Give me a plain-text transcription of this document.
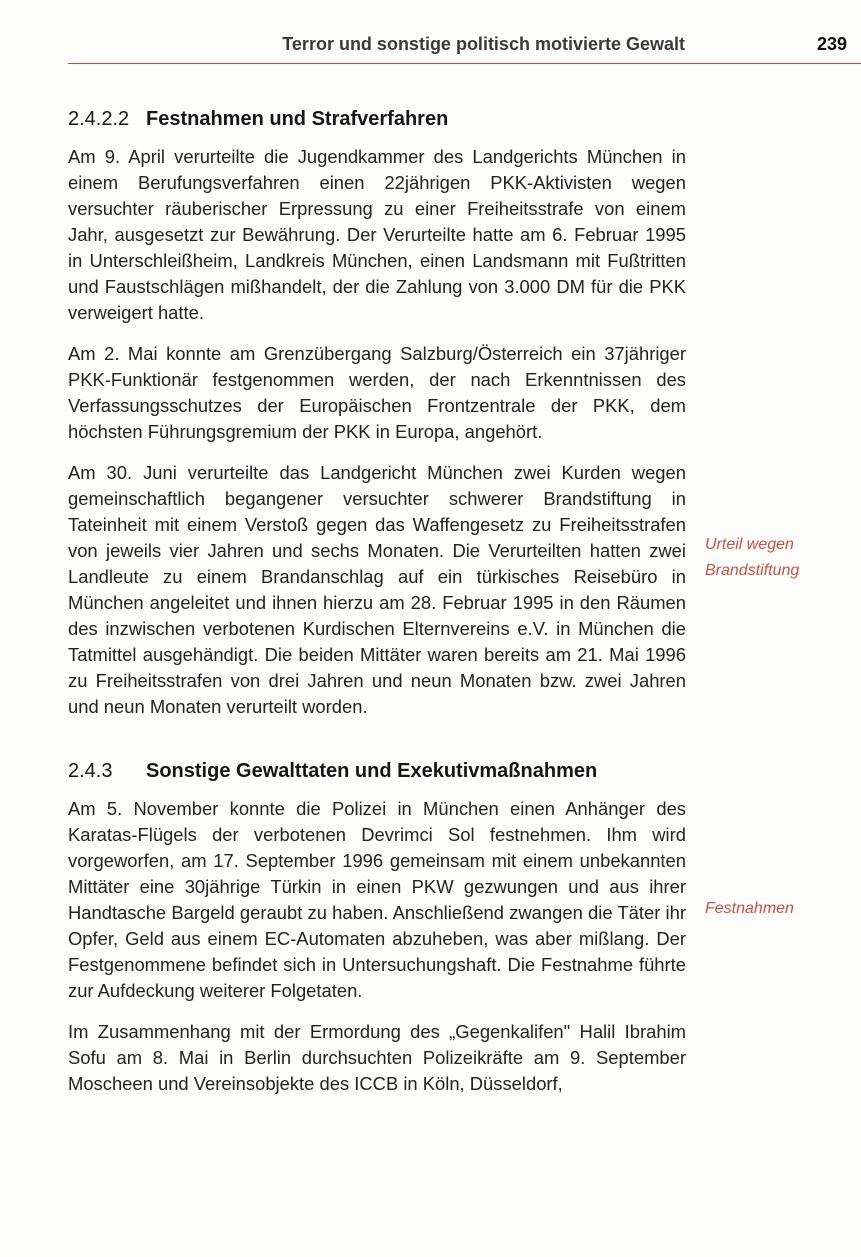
Terror und sonstige politisch motivierte Gewalt	239
2.4.2.2 Festnahmen und Strafverfahren

Am 9. April verurteilte die Jugendkammer des Landgerichts München in einem Berufungsverfahren einen 22jährigen PKK-Aktivisten wegen versuchter räuberischer Erpressung zu einer Freiheitsstrafe von einem Jahr, ausgesetzt zur Bewährung. Der Verurteilte hatte am 6. Februar 1995 in Unterschleißheim, Landkreis München, einen Landsmann mit Fußtritten und Faustschlägen mißhandelt, der die Zahlung von 3.000 DM für die PKK verweigert hatte.

Am 2. Mai konnte am Grenzübergang Salzburg/Österreich ein 37jähriger PKK-Funktionär festgenommen werden, der nach Erkenntnissen des Verfassungsschutzes der Europäischen Frontzentrale der PKK, dem höchsten Führungsgremium der PKK in Europa, angehört.

Am 30. Juni verurteilte das Landgericht München zwei Kurden wegen gemeinschaftlich begangener versuchter schwerer Brandstiftung in Tateinheit mit einem Verstoß gegen das Waffengesetz zu Freiheitsstrafen von jeweils vier Jahren und sechs Monaten. Die Verurteilten hatten zwei Landleute zu einem Brandanschlag auf ein türkisches Reisebüro in München angeleitet und ihnen hierzu am 28. Februar 1995 in den Räumen des inzwischen verbotenen Kurdischen Elternvereins e.V. in München die Tatmittel ausgehändigt. Die beiden Mittäter waren bereits am 21. Mai 1996 zu Freiheitsstrafen von drei Jahren und neun Monaten bzw. zwei Jahren und neun Monaten verurteilt worden.

2.4.3 Sonstige Gewalttaten und Exekutivmaßnahmen

Am 5. November konnte die Polizei in München einen Anhänger des Karatas-Flügels der verbotenen Devrimci Sol festnehmen. Ihm wird vorgeworfen, am 17. September 1996 gemeinsam mit einem unbekannten Mittäter eine 30jährige Türkin in einen PKW gezwungen und aus ihrer Handtasche Bargeld geraubt zu haben. Anschließend zwangen die Täter ihr Opfer, Geld aus einem EC-Automaten abzuheben, was aber mißlang. Der Festgenommene befindet sich in Untersuchungshaft. Die Festnahme führte zur Aufdeckung weiterer Folgetaten.

Im Zusammenhang mit der Ermordung des „Gegenkalifen" Halil Ibrahim Sofu am 8. Mai in Berlin durchsuchten Polizeikräfte am 9. September Moscheen und Vereinsobjekte des ICCB in Köln, Düsseldorf,

Urteil wegen Brandstiftung
Festnahmen
